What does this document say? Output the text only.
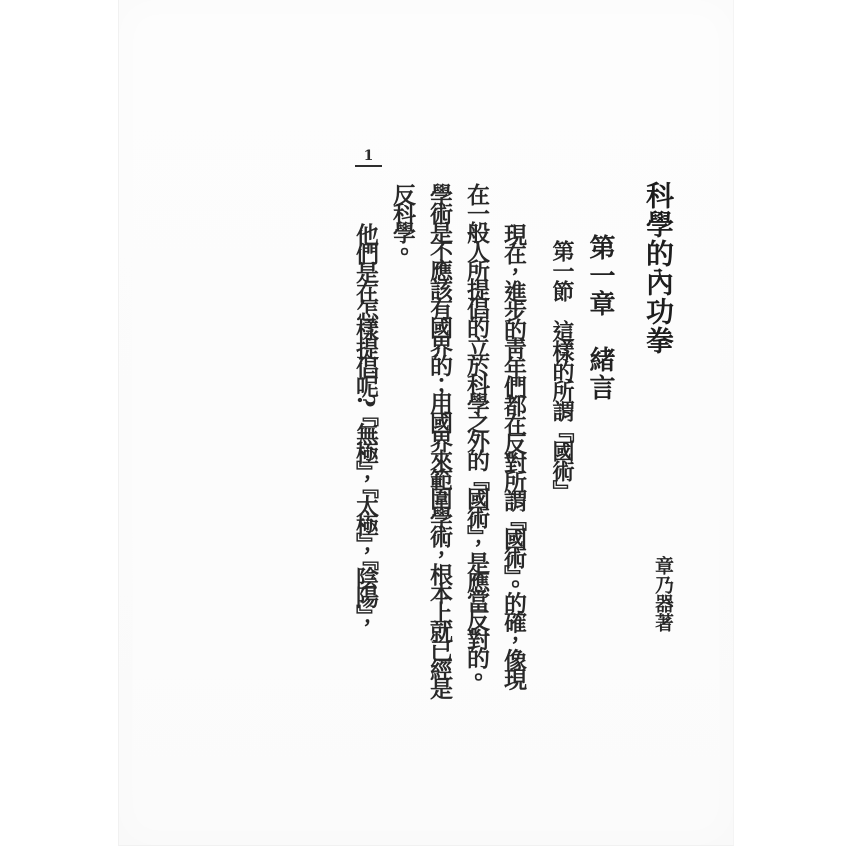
1
科學的內功拳
章乃器著
第一章　緒言
第一節　這樣的所謂『國術』
現在，進步的靑年們都在反對所謂『國術』。的確，像現
在一般人所提倡的立於科學之外的『國術』，是應當反對的。
學術是不應該有國界的；用國界來範圍學術，根本上就已經是
反科學。
他們是在怎樣提倡呢?『無極』，『太極』，『陰陽』，
